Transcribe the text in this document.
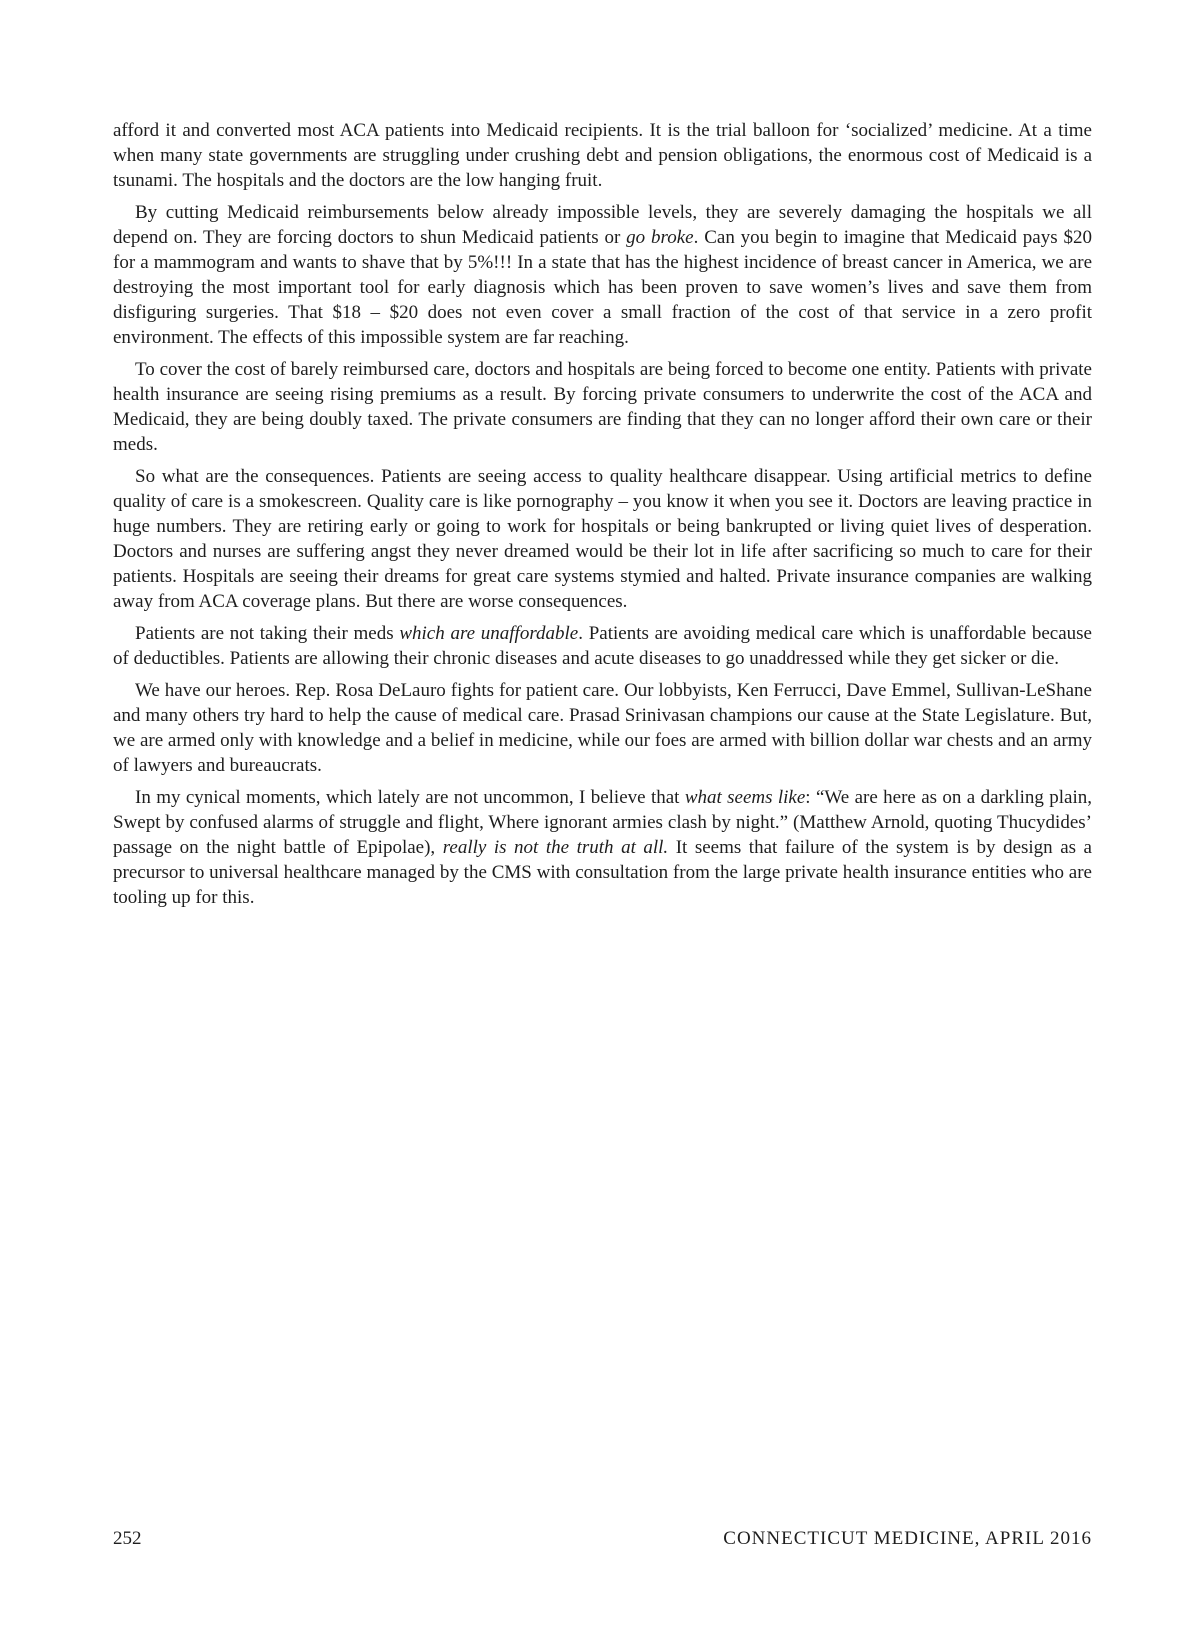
afford it and converted most ACA patients into Medicaid recipients. It is the trial balloon for ‘socialized’ medicine. At a time when many state governments are struggling under crushing debt and pension obligations, the enormous cost of Medicaid is a tsunami. The hospitals and the doctors are the low hanging fruit.

By cutting Medicaid reimbursements below already impossible levels, they are severely damaging the hospitals we all depend on. They are forcing doctors to shun Medicaid patients or go broke. Can you begin to imagine that Medicaid pays $20 for a mammogram and wants to shave that by 5%!!! In a state that has the highest incidence of breast cancer in America, we are destroying the most important tool for early diagnosis which has been proven to save women’s lives and save them from disfiguring surgeries. That $18 – $20 does not even cover a small fraction of the cost of that service in a zero profit environment. The effects of this impossible system are far reaching.

To cover the cost of barely reimbursed care, doctors and hospitals are being forced to become one entity. Patients with private health insurance are seeing rising premiums as a result. By forcing private consumers to underwrite the cost of the ACA and Medicaid, they are being doubly taxed. The private consumers are finding that they can no longer afford their own care or their meds.

So what are the consequences. Patients are seeing access to quality healthcare disappear. Using artificial metrics to define quality of care is a smokescreen. Quality care is like pornography – you know it when you see it. Doctors are leaving practice in huge numbers. They are retiring early or going to work for hospitals or being bankrupted or living quiet lives of desperation. Doctors and nurses are suffering angst they never dreamed would be their lot in life after sacrificing so much to care for their patients. Hospitals are seeing their dreams for great care systems stymied and halted. Private insurance companies are walking away from ACA coverage plans. But there are worse consequences.

Patients are not taking their meds which are unaffordable. Patients are avoiding medical care which is unaffordable because of deductibles. Patients are allowing their chronic diseases and acute diseases to go unaddressed while they get sicker or die.

We have our heroes. Rep. Rosa DeLauro fights for patient care. Our lobbyists, Ken Ferrucci, Dave Emmel, Sullivan-LeShane and many others try hard to help the cause of medical care. Prasad Srinivasan champions our cause at the State Legislature. But, we are armed only with knowledge and a belief in medicine, while our foes are armed with billion dollar war chests and an army of lawyers and bureaucrats.

In my cynical moments, which lately are not uncommon, I believe that what seems like: “We are here as on a darkling plain, Swept by confused alarms of struggle and flight, Where ignorant armies clash by night.” (Matthew Arnold, quoting Thucydides’ passage on the night battle of Epipolae), really is not the truth at all. It seems that failure of the system is by design as a precursor to universal healthcare managed by the CMS with consultation from the large private health insurance entities who are tooling up for this.

252	CONNECTICUT MEDICINE, APRIL 2016
